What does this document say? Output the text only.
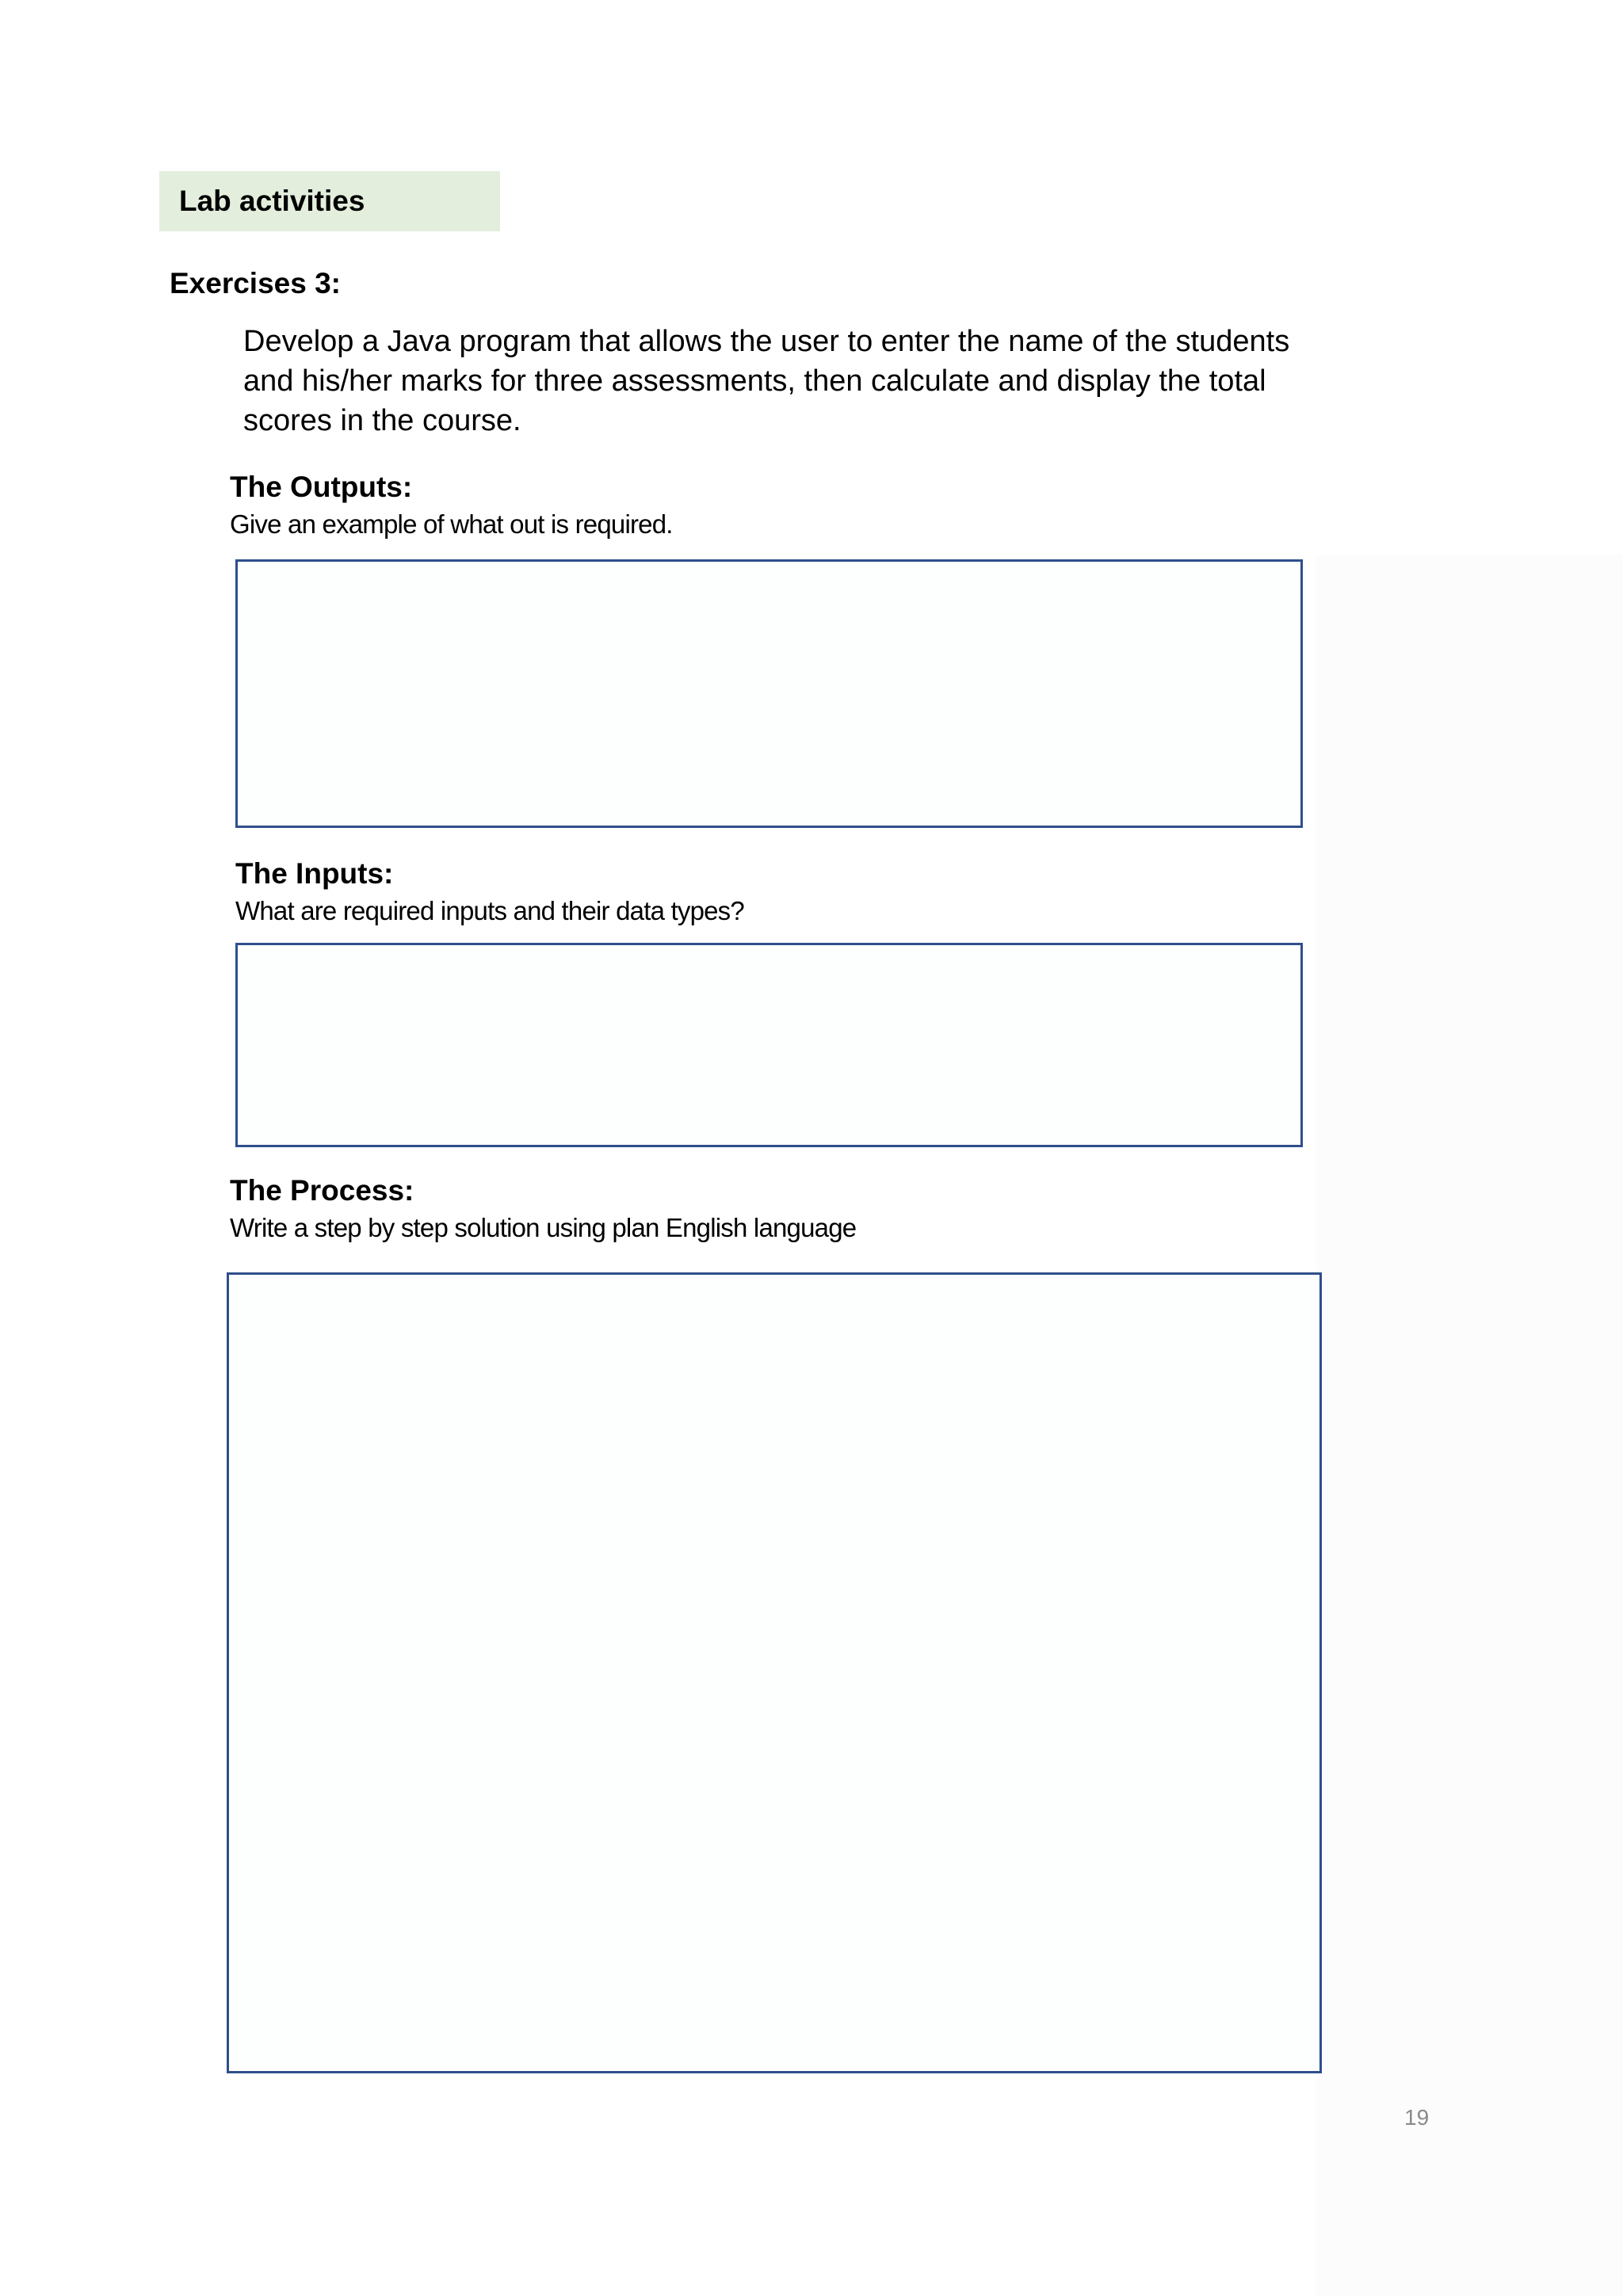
Lab activities
Exercises 3:
Develop a Java program that allows the user to enter the name of the students and his/her marks for three assessments, then calculate and display the total scores in the course.
The Outputs:
Give an example of what out is required.
The Inputs:
What are required inputs and their data types?
The Process:
Write a step by step solution using plan English language
19
